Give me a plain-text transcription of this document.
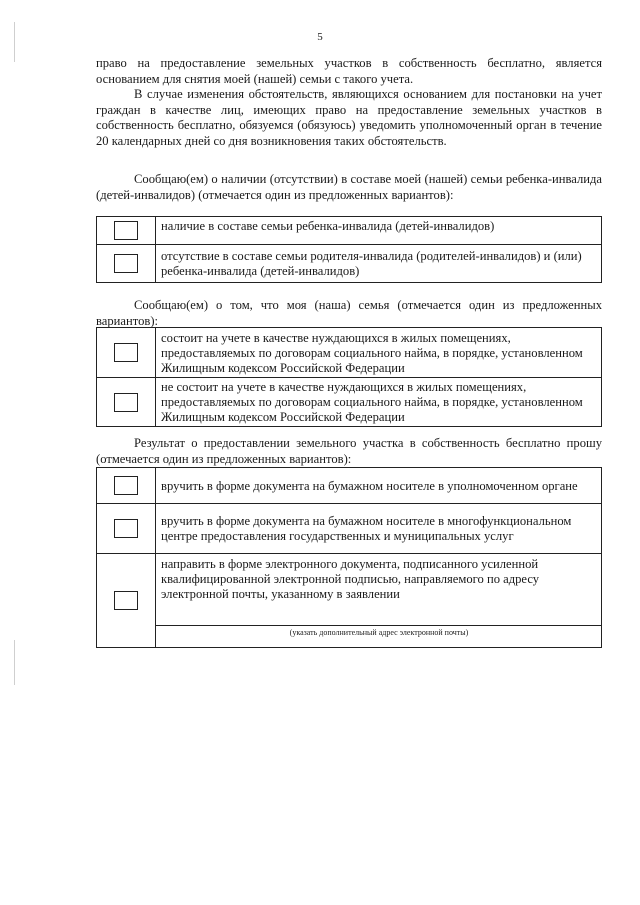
5

право на предоставление земельных участков в собственность бесплатно, является основанием для снятия моей (нашей) семьи с такого учета.

В случае изменения обстоятельств, являющихся основанием для постановки на учет граждан в качестве лиц, имеющих право на предоставление земельных участков в собственность бесплатно, обязуемся (обязуюсь) уведомить уполномоченный орган в течение 20 календарных дней со дня возникновения таких обстоятельств.

Сообщаю(ем) о наличии (отсутствии) в составе моей (нашей) семьи ребенка-инвалида (детей-инвалидов) (отмечается один из предложенных вариантов):

	наличие в составе семьи ребенка-инвалида (детей-инвалидов)
	отсутствие в составе семьи родителя-инвалида (родителей-инвалидов) и (или) ребенка-инвалида (детей-инвалидов)

Сообщаю(ем) о том, что моя (наша) семья (отмечается один из предложенных вариантов):

	состоит на учете в качестве нуждающихся в жилых помещениях, предоставляемых по договорам социального найма, в порядке, установленном Жилищным кодексом Российской Федерации
	не состоит на учете в качестве нуждающихся в жилых помещениях, предоставляемых по договорам социального найма, в порядке, установленном Жилищным кодексом Российской Федерации

Результат о предоставлении земельного участка в собственность бесплатно прошу (отмечается один из предложенных вариантов):

	вручить в форме документа на бумажном носителе в уполномоченном органе
	вручить в форме документа на бумажном носителе в многофункциональном центре предоставления государственных и муниципальных услуг
	направить в форме электронного документа, подписанного усиленной квалифицированной электронной подписью, направляемого по адресу электронной почты, указанному в заявлении

	(указать дополнительный адрес электронной почты)
